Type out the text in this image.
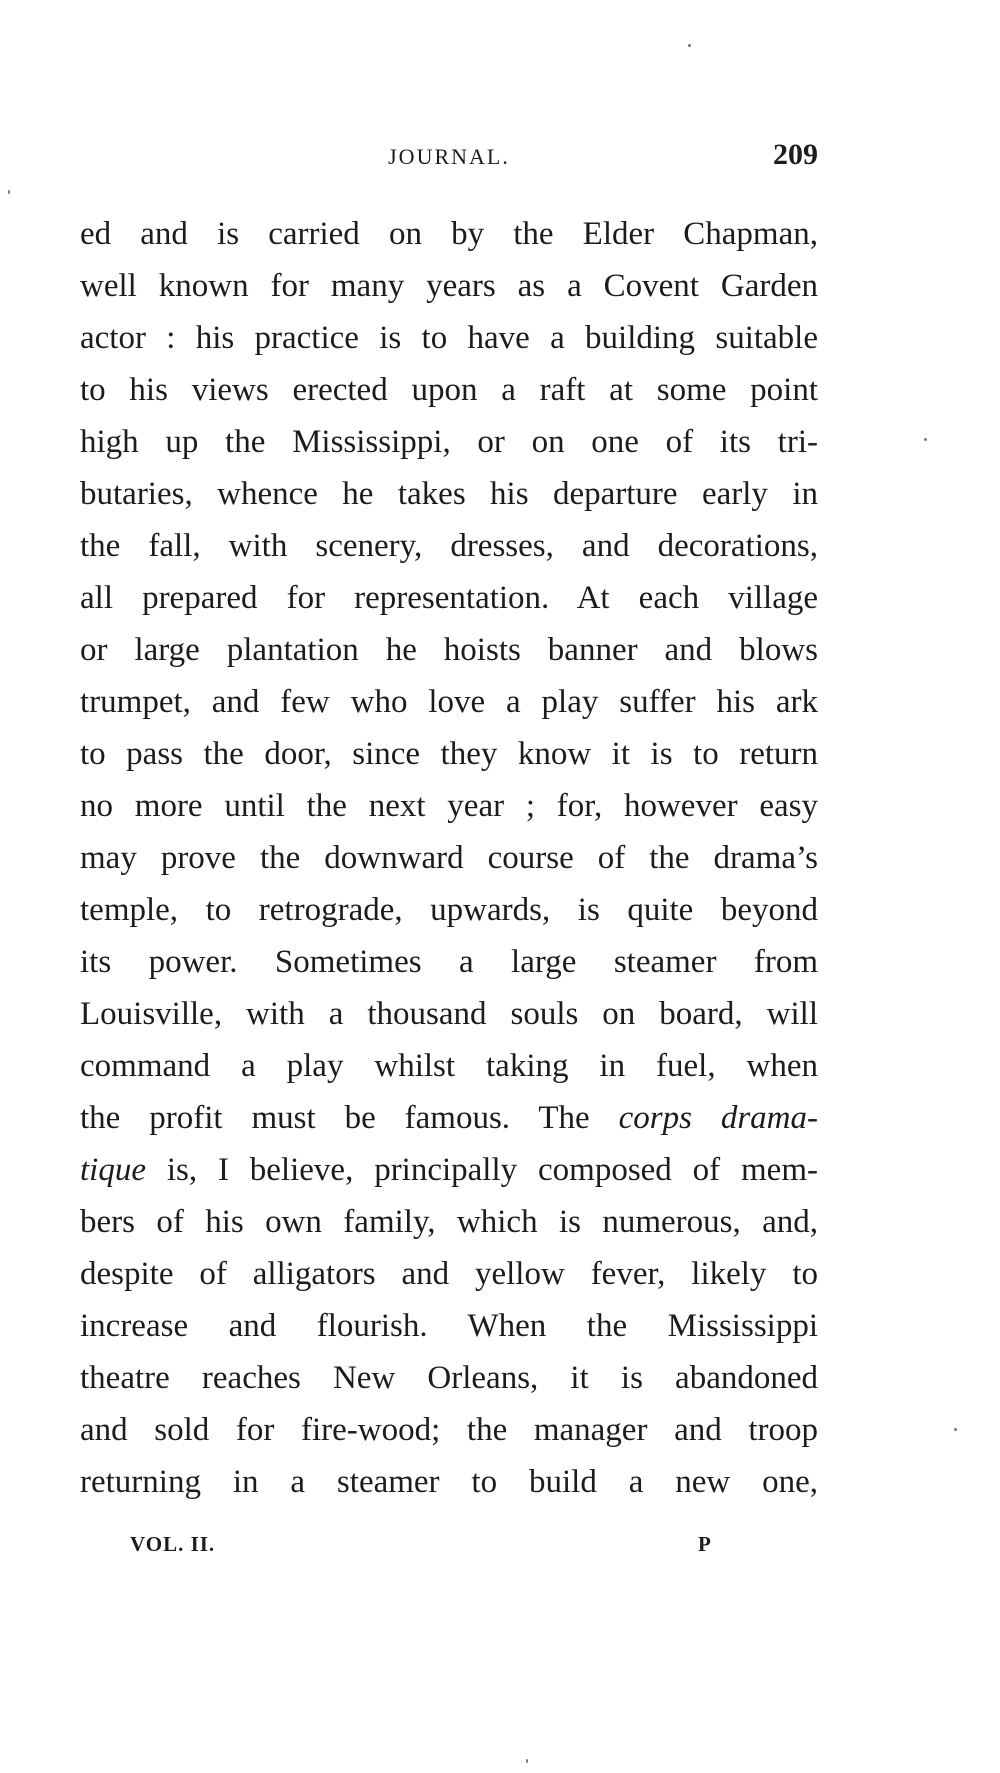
JOURNAL.	209
ed and is carried on by the Elder Chapman,
well known for many years as a Covent Garden
actor : his practice is to have a building suitable
to his views erected upon a raft at some point
high up the Mississippi, or on one of its tri-
butaries, whence he takes his departure early in
the fall, with scenery, dresses, and decorations,
all prepared for representation. At each village
or large plantation he hoists banner and blows
trumpet, and few who love a play suffer his ark
to pass the door, since they know it is to return
no more until the next year ; for, however easy
may prove the downward course of the drama’s
temple, to retrograde, upwards, is quite beyond
its power. Sometimes a large steamer from
Louisville, with a thousand souls on board, will
command a play whilst taking in fuel, when
the profit must be famous. The corps drama-
tique is, I believe, principally composed of mem-
bers of his own family, which is numerous, and,
despite of alligators and yellow fever, likely to
increase and flourish. When the Mississippi
theatre reaches New Orleans, it is abandoned
and sold for fire-wood; the manager and troop
returning in a steamer to build a new one,
VOL. II.	P
